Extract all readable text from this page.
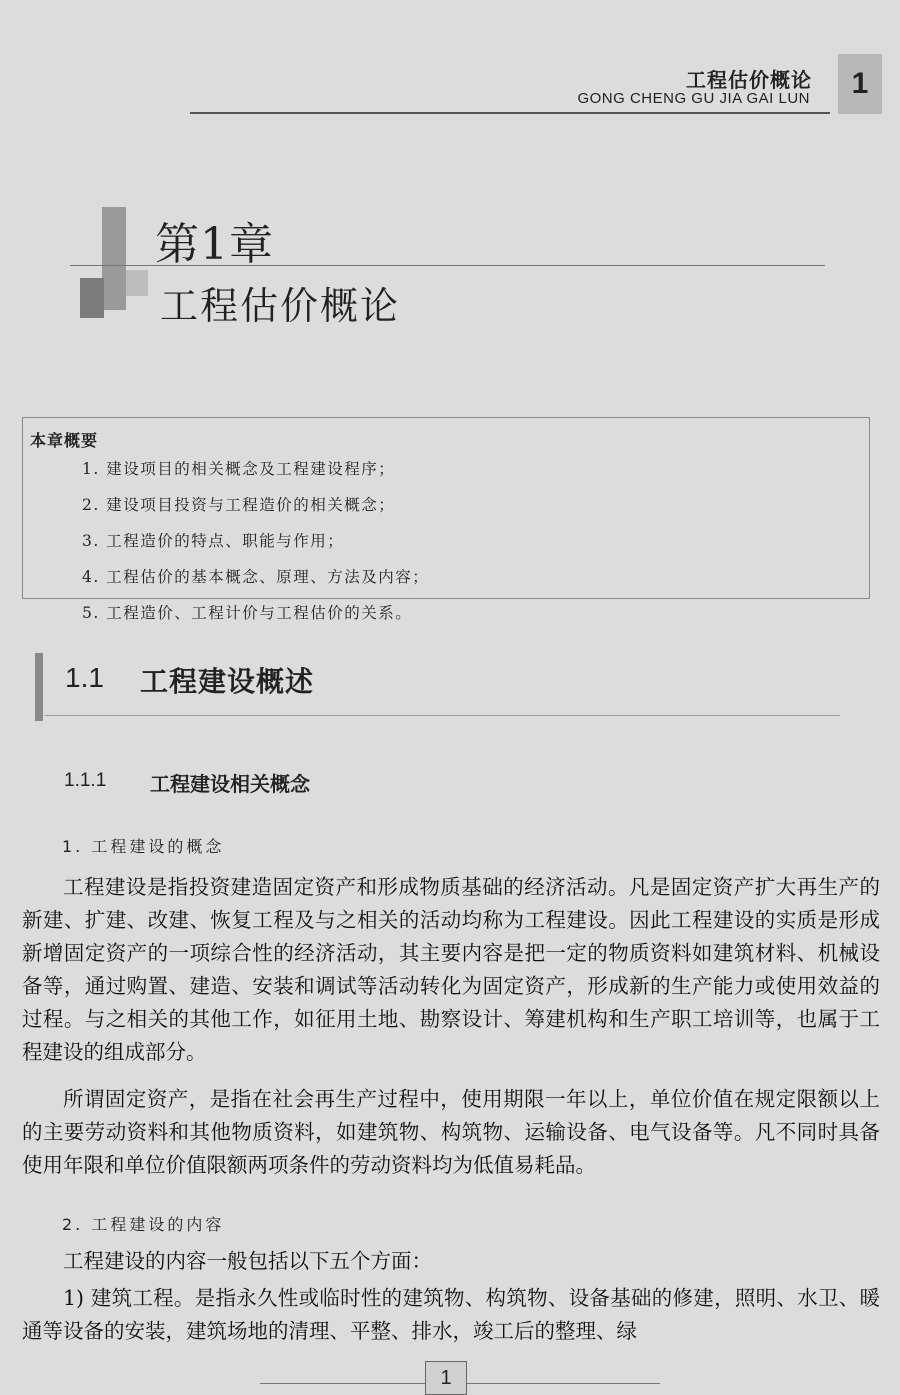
工程估价概论
GONG CHENG GU JIA GAI LUN	1
第1章
工程估价概论
本章概要
1. 建设项目的相关概念及工程建设程序；
2. 建设项目投资与工程造价的相关概念；
3. 工程造价的特点、职能与作用；
4. 工程估价的基本概念、原理、方法及内容；
5. 工程造价、工程计价与工程估价的关系。
1.1 工程建设概述
1.1.1 工程建设相关概念
1. 工程建设的概念

工程建设是指投资建造固定资产和形成物质基础的经济活动。凡是固定资产扩大再生产的新建、扩建、改建、恢复工程及与之相关的活动均称为工程建设。因此工程建设的实质是形成新增固定资产的一项综合性的经济活动，其主要内容是把一定的物质资料如建筑材料、机械设备等，通过购置、建造、安装和调试等活动转化为固定资产，形成新的生产能力或使用效益的过程。与之相关的其他工作，如征用土地、勘察设计、筹建机构和生产职工培训等，也属于工程建设的组成部分。

所谓固定资产，是指在社会再生产过程中，使用期限一年以上，单位价值在规定限额以上的主要劳动资料和其他物质资料，如建筑物、构筑物、运输设备、电气设备等。凡不同时具备使用年限和单位价值限额两项条件的劳动资料均为低值易耗品。

2. 工程建设的内容

工程建设的内容一般包括以下五个方面：

1) 建筑工程。是指永久性或临时性的建筑物、构筑物、设备基础的修建，照明、水卫、暖通等设备的安装，建筑场地的清理、平整、排水，竣工后的整理、绿

1
